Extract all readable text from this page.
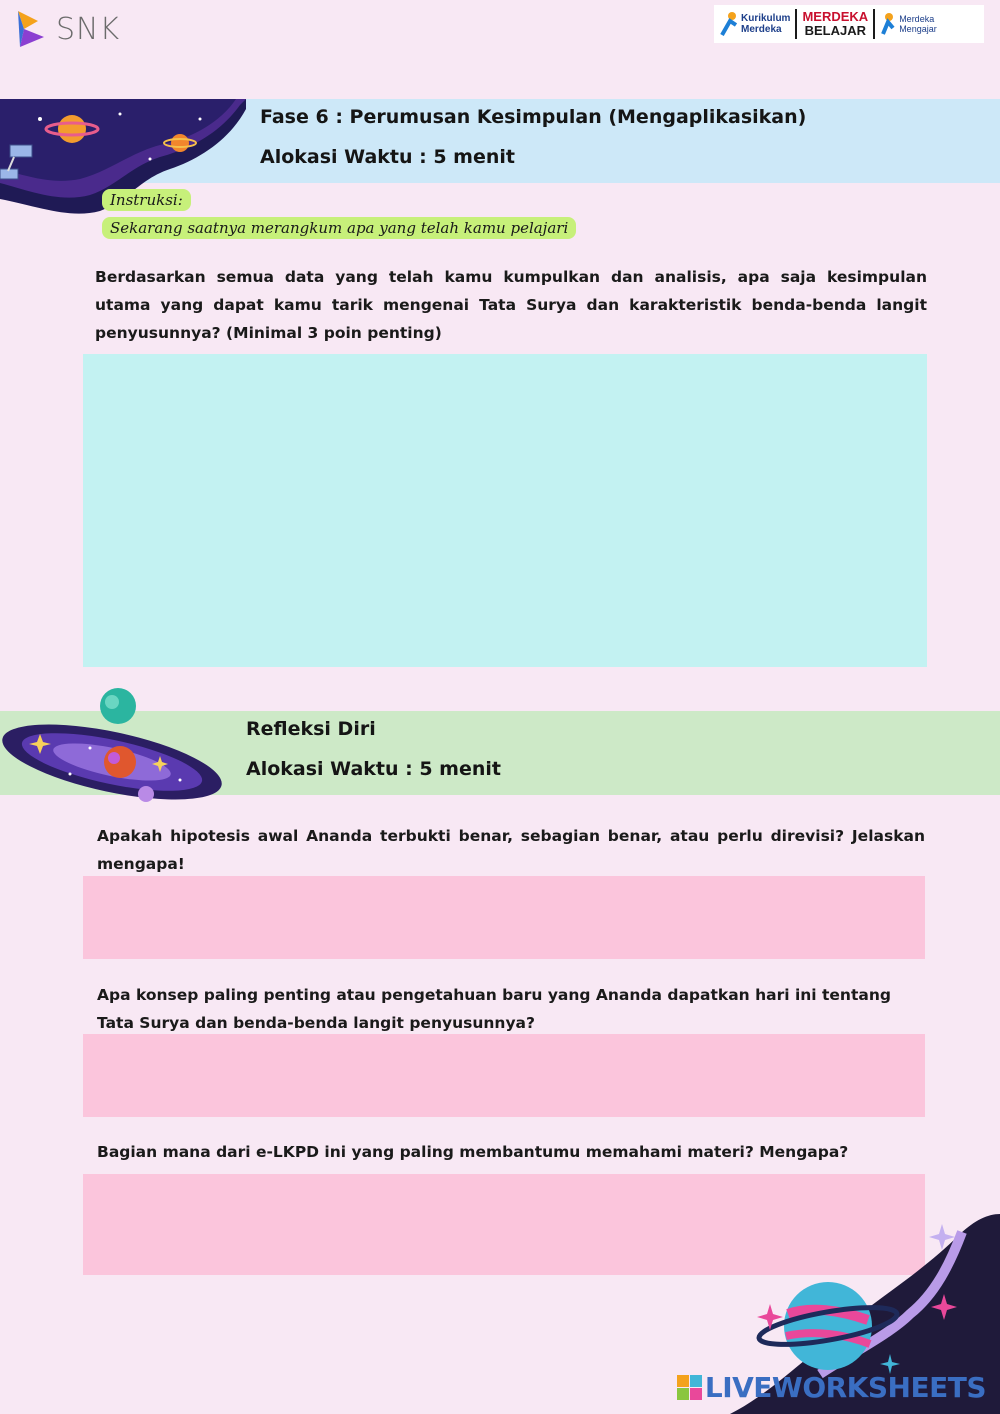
SNK	Kurikulum
Merdeka
MERDEKA
BELAJAR
Merdeka
Mengajar
Fase 6 : Perumusan Kesimpulan (Mengaplikasikan)
Alokasi Waktu : 5 menit
Instruksi:
Sekarang saatnya merangkum apa yang telah kamu pelajari
Berdasarkan semua data yang telah kamu kumpulkan dan analisis, apa saja kesimpulan utama yang dapat kamu tarik mengenai Tata Surya dan karakteristik benda-benda langit penyusunnya? (Minimal 3 poin penting)
Refleksi Diri
Alokasi Waktu : 5 menit
Apakah hipotesis awal Ananda terbukti benar, sebagian benar, atau perlu direvisi? Jelaskan mengapa!
Apa konsep paling penting atau pengetahuan baru yang Ananda dapatkan hari ini tentang Tata Surya dan benda-benda langit penyusunnya?
Bagian mana dari e-LKPD ini yang paling membantumu memahami materi? Mengapa?
LIVEWORKSHEETS
